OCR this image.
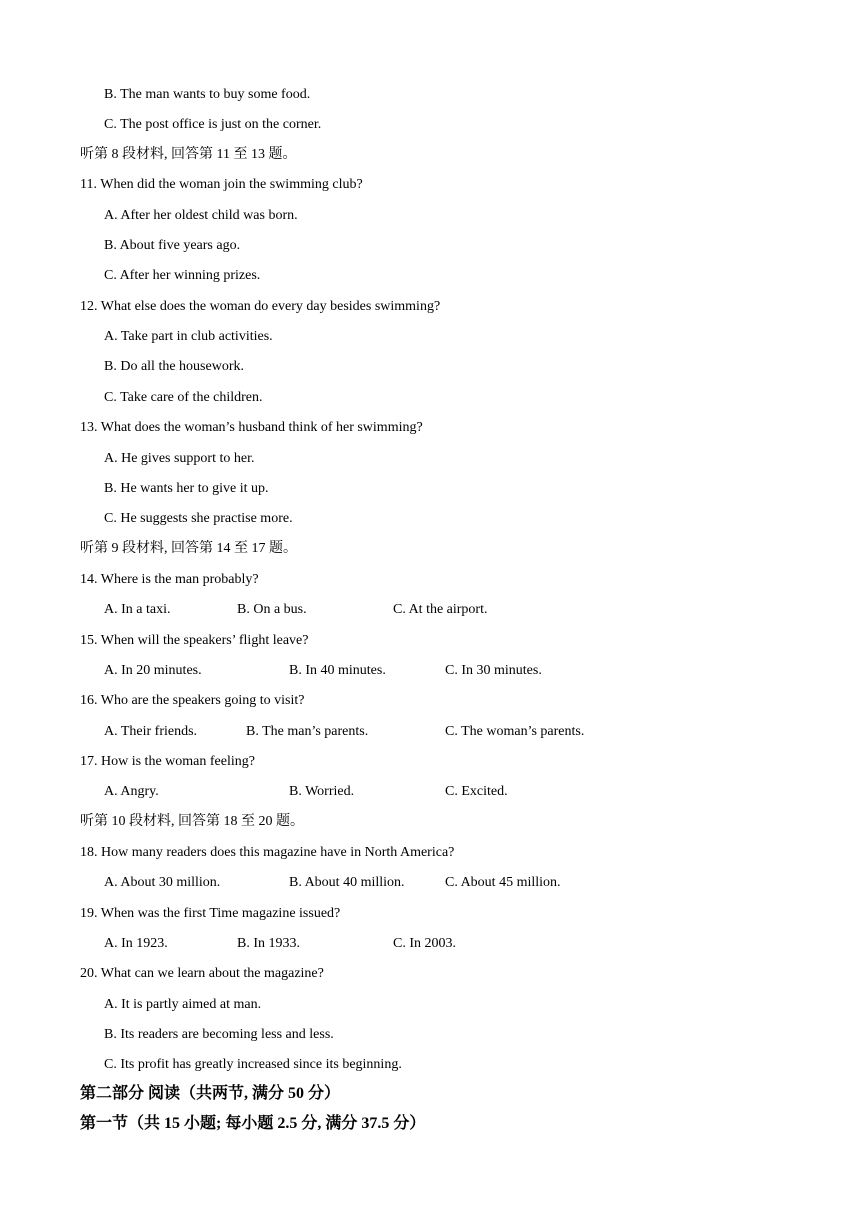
B. The man wants to buy some food.
C. The post office is just on the corner.
听第 8 段材料, 回答第 11 至 13 题。
11. When did the woman join the swimming club?
A. After her oldest child was born.
B. About five years ago.
C. After her winning prizes.
12. What else does the woman do every day besides swimming?
A. Take part in club activities.
B. Do all the housework.
C. Take care of the children.
13. What does the woman’s husband think of her swimming?
A. He gives support to her.
B. He wants her to give it up.
C. He suggests she practise more.
听第 9 段材料, 回答第 14 至 17 题。
14. Where is the man probably?
A. In a taxi.	B. On a bus.	C. At the airport.
15. When will the speakers’ flight leave?
A. In 20 minutes.	B. In 40 minutes.	C. In 30 minutes.
16. Who are the speakers going to visit?
A. Their friends.	B. The man’s parents.	C. The woman’s parents.
17. How is the woman feeling?
A. Angry.	B. Worried.	C. Excited.
听第 10 段材料, 回答第 18 至 20 题。
18. How many readers does this magazine have in North America?
A. About 30 million.	B. About 40 million.	C. About 45 million.
19. When was the first Time magazine issued?
A. In 1923.	B. In 1933.	C. In 2003.
20. What can we learn about the magazine?
A. It is partly aimed at man.
B. Its readers are becoming less and less.
C. Its profit has greatly increased since its beginning.
第二部分 阅读（共两节, 满分 50 分）
第一节（共 15 小题; 每小题 2.5 分, 满分 37.5 分）
